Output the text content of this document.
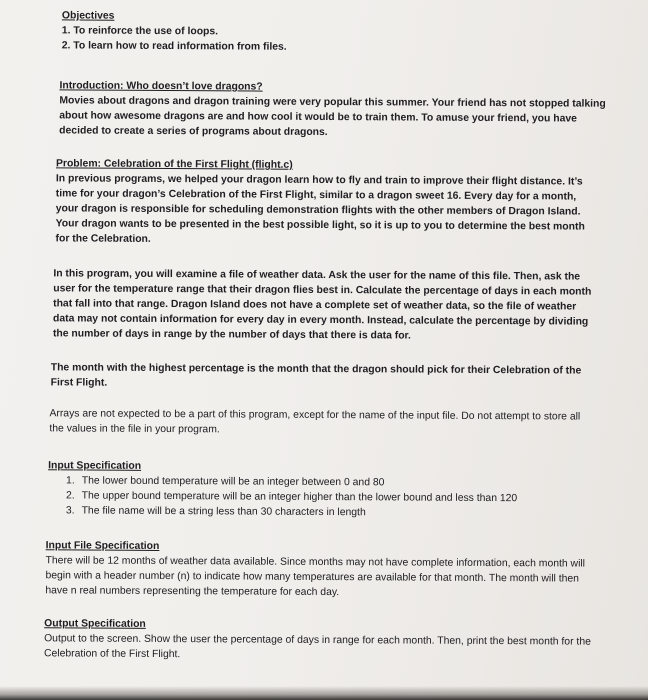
Objectives

1. To reinforce the use of loops.

2. To learn how to read information from files.

Introduction: Who doesn’t love dragons?

Movies about dragons and dragon training were very popular this summer. Your friend has not stopped talking about how awesome dragons are and how cool it would be to train them. To amuse your friend, you have decided to create a series of programs about dragons.

Problem: Celebration of the First Flight (flight.c)

In previous programs, we helped your dragon learn how to fly and train to improve their flight distance. It’s time for your dragon’s Celebration of the First Flight, similar to a dragon sweet 16. Every day for a month, your dragon is responsible for scheduling demonstration flights with the other members of Dragon Island. Your dragon wants to be presented in the best possible light, so it is up to you to determine the best month for the Celebration.

In this program, you will examine a file of weather data. Ask the user for the name of this file. Then, ask the user for the temperature range that their dragon flies best in. Calculate the percentage of days in each month that fall into that range. Dragon Island does not have a complete set of weather data, so the file of weather data may not contain information for every day in every month. Instead, calculate the percentage by dividing the number of days in range by the number of days that there is data for.

The month with the highest percentage is the month that the dragon should pick for their Celebration of the First Flight.

Arrays are not expected to be a part of this program, except for the name of the input file. Do not attempt to store all the values in the file in your program.

Input Specification

1. The lower bound temperature will be an integer between 0 and 80
2. The upper bound temperature will be an integer higher than the lower bound and less than 120
3. The file name will be a string less than 30 characters in length

Input File Specification

There will be 12 months of weather data available. Since months may not have complete information, each month will begin with a header number (n) to indicate how many temperatures are available for that month. The month will then have n real numbers representing the temperature for each day.

Output Specification

Output to the screen. Show the user the percentage of days in range for each month. Then, print the best month for the Celebration of the First Flight.
